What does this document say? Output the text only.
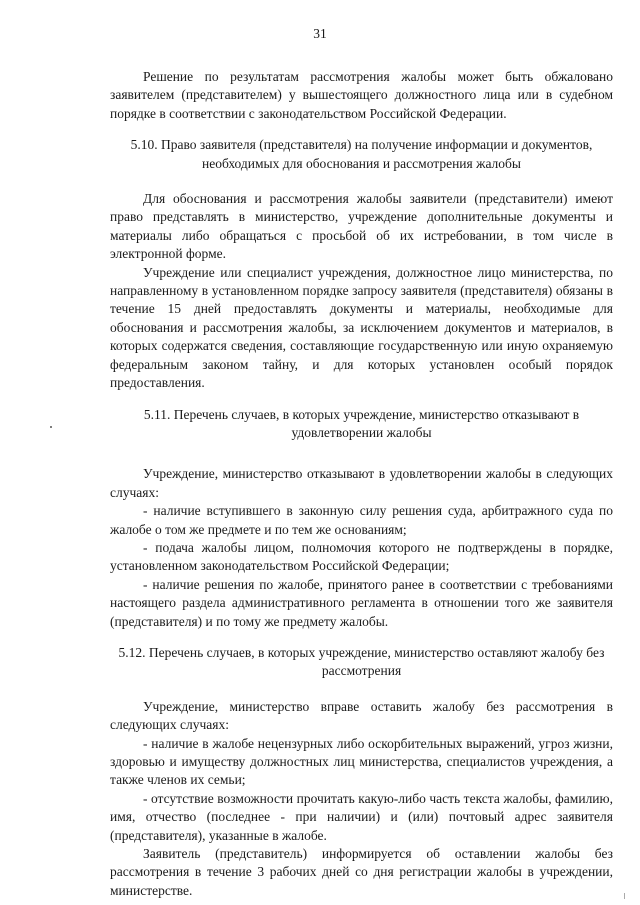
31

Решение по результатам рассмотрения жалобы может быть обжаловано заявителем (представителем) у вышестоящего должностного лица или в судебном порядке в соответствии с законодательством Российской Федерации.

5.10. Право заявителя (представителя) на получение информации и документов, необходимых для обоснования и рассмотрения жалобы

Для обоснования и рассмотрения жалобы заявители (представители) имеют право представлять в министерство, учреждение дополнительные документы и материалы либо обращаться с просьбой об их истребовании, в том числе в электронной форме.

Учреждение или специалист учреждения, должностное лицо министерства, по направленному в установленном порядке запросу заявителя (представителя) обязаны в течение 15 дней предоставлять документы и материалы, необходимые для обоснования и рассмотрения жалобы, за исключением документов и материалов, в которых содержатся сведения, составляющие государственную или иную охраняемую федеральным законом тайну, и для которых установлен особый порядок предоставления.

5.11. Перечень случаев, в которых учреждение, министерство отказывают в удовлетворении жалобы

Учреждение, министерство отказывают в удовлетворении жалобы в следующих случаях:

- наличие вступившего в законную силу решения суда, арбитражного суда по жалобе о том же предмете и по тем же основаниям;

- подача жалобы лицом, полномочия которого не подтверждены в порядке, установленном законодательством Российской Федерации;

- наличие решения по жалобе, принятого ранее в соответствии с требованиями настоящего раздела административного регламента в отношении того же заявителя (представителя) и по тому же предмету жалобы.

5.12. Перечень случаев, в которых учреждение, министерство оставляют жалобу без рассмотрения

Учреждение, министерство вправе оставить жалобу без рассмотрения в следующих случаях:

- наличие в жалобе нецензурных либо оскорбительных выражений, угроз жизни, здоровью и имуществу должностных лиц министерства, специалистов учреждения, а также членов их семьи;

- отсутствие возможности прочитать какую-либо часть текста жалобы, фамилию, имя, отчество (последнее - при наличии) и (или) почтовый адрес заявителя (представителя), указанные в жалобе.

Заявитель (представитель) информируется об оставлении жалобы без рассмотрения в течение 3 рабочих дней со дня регистрации жалобы в учреждении, министерстве.
